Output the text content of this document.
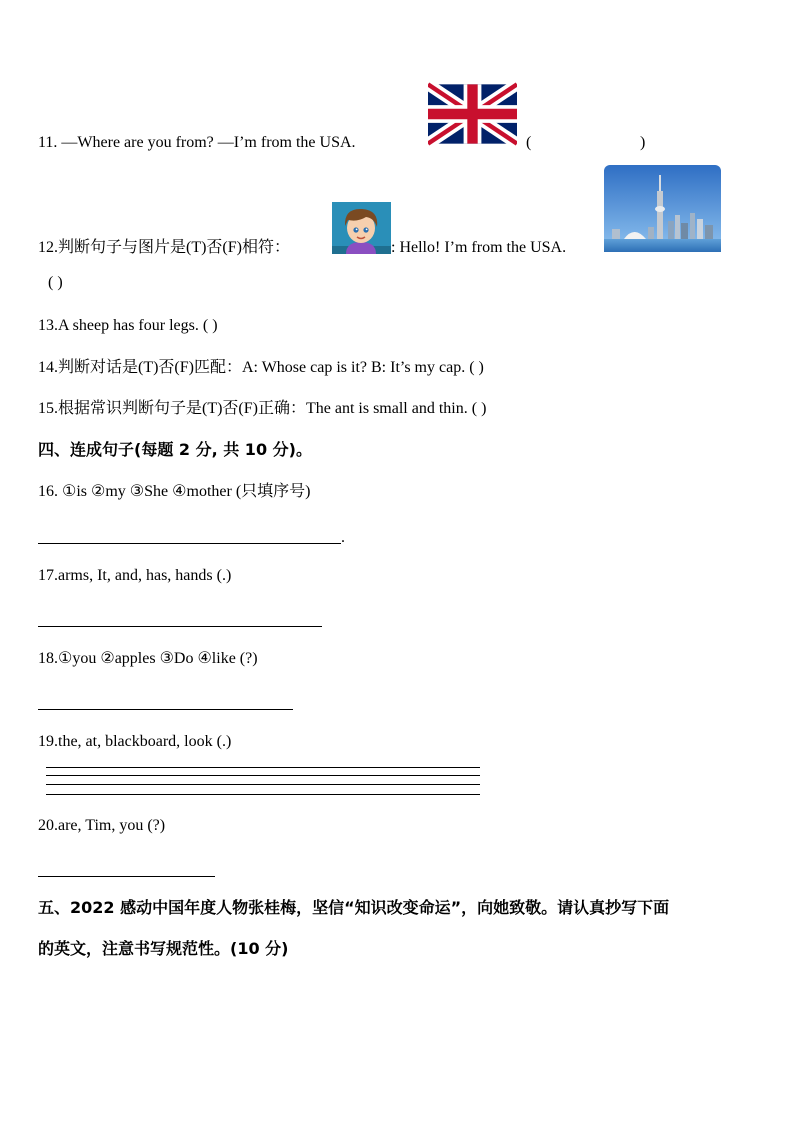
11. —Where are you from? —I’m from the USA.	(	)
12.判断句子与图片是(T)否(F)相符：	: Hello! I’m from the USA.
( )
13.A sheep has four legs. ( )
14.判断对话是(T)否(F)匹配：A: Whose cap is it? B: It’s my cap. ( )
15.根据常识判断句子是(T)否(F)正确：The ant is small and thin. ( )
四、连成句子(每题 2 分, 共 10 分)。
16. ①is ②my ③She ④mother (只填序号)
.
17.arms, It, and, has, hands (.)
18.①you ②apples ③Do ④like (?)
19.the, at, blackboard, look (.)
20.are, Tim, you (?)
五、2022 感动中国年度人物张桂梅，坚信“知识改变命运”，向她致敬。请认真抄写下面
的英文，注意书写规范性。(10 分)
